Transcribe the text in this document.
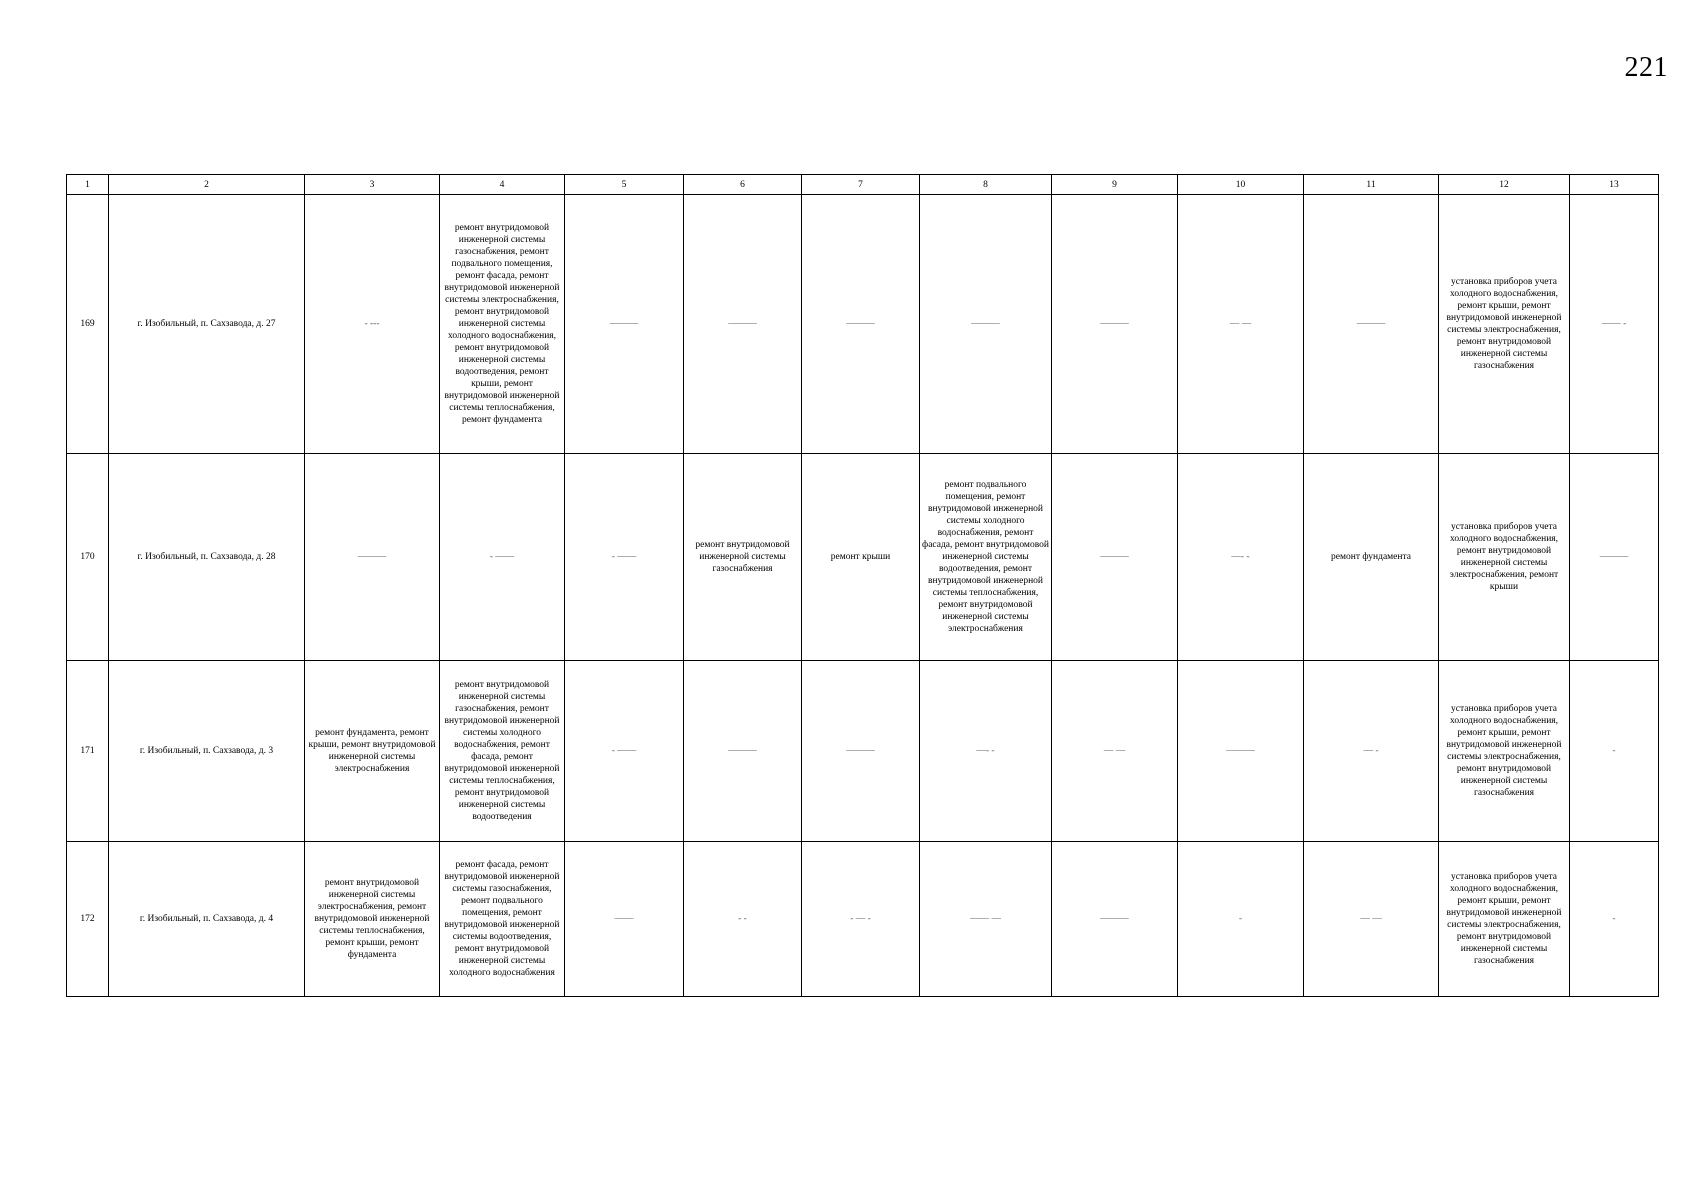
221
1	2	3	4	5	6	7	8	9	10	11	12	13
169	г. Изобильный, п. Сахзавода, д. 27	- ---	ремонт внутридомовой инженерной системы газоснабжения, ремонт подвального помещения, ремонт фасада, ремонт внутридомовой инженерной системы электроснабжения, ремонт внутридомовой инженерной системы холодного водоснабжения, ремонт внутридомовой инженерной системы водоотведения, ремонт крыши, ремонт внутридомовой инженерной системы теплоснабжения, ремонт фундамента	———	———	———	———	———	— —	———	установка приборов учета холодного водоснабжения, ремонт крыши, ремонт внутридомовой инженерной системы электроснабжения, ремонт внутридомовой инженерной системы газоснабжения	—— -
170	г. Изобильный, п. Сахзавода, д. 28	———	- ——	- ——	ремонт внутридомовой инженерной системы газоснабжения	ремонт крыши	ремонт подвального помещения, ремонт внутридомовой инженерной системы холодного водоснабжения, ремонт фасада, ремонт внутридомовой инженерной системы водоотведения, ремонт внутридомовой инженерной системы теплоснабжения, ремонт внутридомовой инженерной системы электроснабжения	———	—- -	ремонт фундамента	установка приборов учета холодного водоснабжения, ремонт внутридомовой инженерной системы электроснабжения, ремонт крыши	———
171	г. Изобильный, п. Сахзавода, д. 3	ремонт фундамента, ремонт крыши, ремонт внутридомовой инженерной системы электроснабжения	ремонт внутридомовой инженерной системы газоснабжения, ремонт внутридомовой инженерной системы холодного водоснабжения, ремонт фасада, ремонт внутридомовой инженерной системы теплоснабжения, ремонт внутридомовой инженерной системы водоотведения	- ——	———	———	—- -	— —	———	— -	установка приборов учета холодного водоснабжения, ремонт крыши, ремонт внутридомовой инженерной системы электроснабжения, ремонт внутридомовой инженерной системы газоснабжения	-
172	г. Изобильный, п. Сахзавода, д. 4	ремонт внутридомовой инженерной системы электроснабжения, ремонт внутридомовой инженерной системы теплоснабжения, ремонт крыши, ремонт фундамента	ремонт фасада, ремонт внутридомовой инженерной системы газоснабжения, ремонт подвального помещения, ремонт внутридомовой инженерной системы водоотведения, ремонт внутридомовой инженерной системы холодного водоснабжения	——	- -	- — -	—— —	———	-	— —	установка приборов учета холодного водоснабжения, ремонт крыши, ремонт внутридомовой инженерной системы электроснабжения, ремонт внутридомовой инженерной системы газоснабжения	-
